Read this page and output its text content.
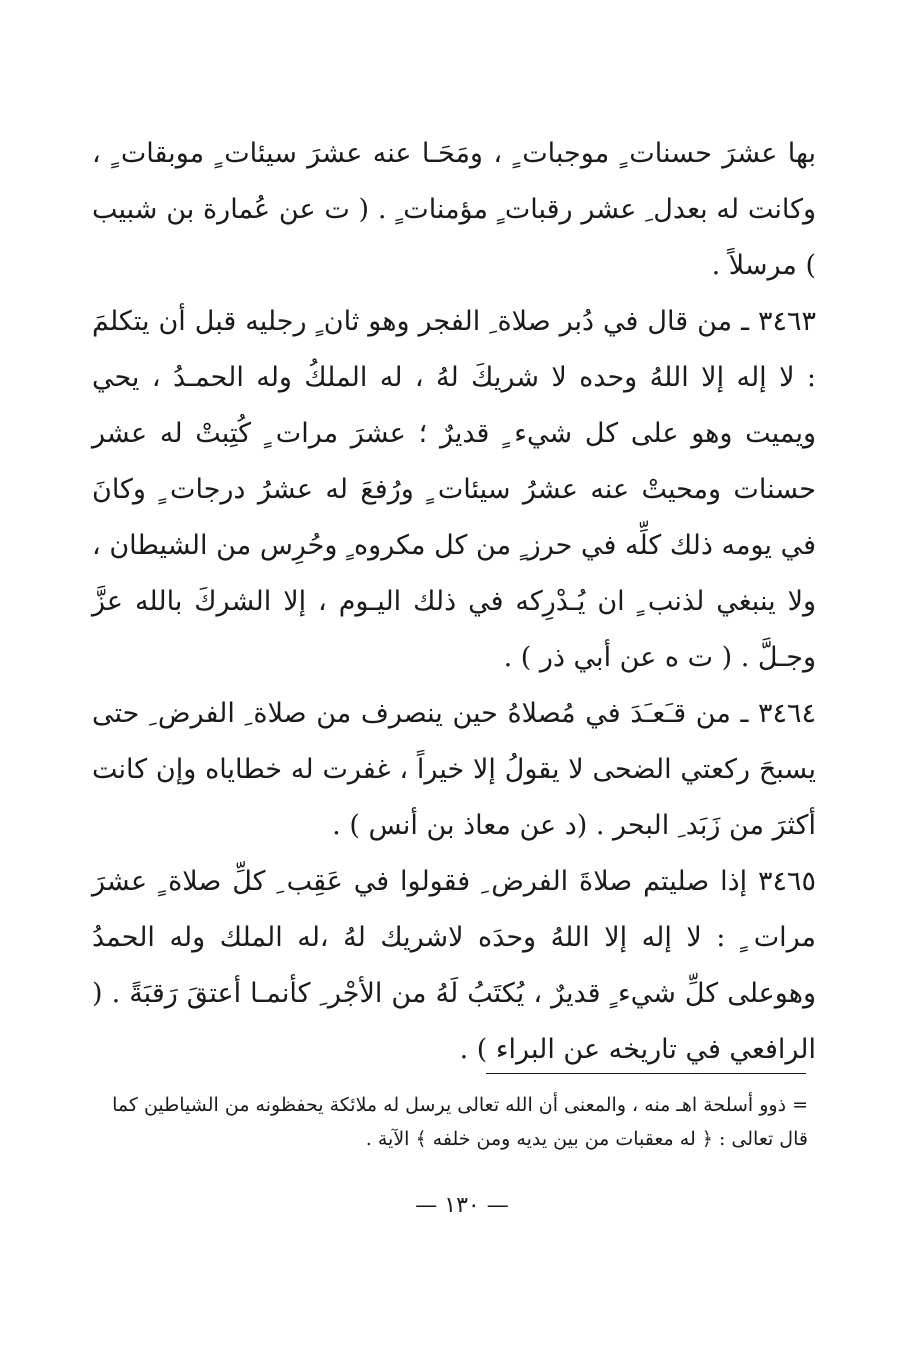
بها عشرَ حسنات ٍ موجبات ٍ ، ومَحَـا عنه عشرَ سيئات ٍ موبقات ٍ ، وكانت له بعدل ِ عشر رقبات ٍ مؤمنات ٍ . ( ت عن عُمارة بن شبيب ) مرسلاً .

٣٤٦٣ ـ من قال في دُبر صلاة ِ الفجر وهو ثان ٍ رجليه قبل أن يتكلمَ : لا إله إلا اللهُ وحده لا شريكَ لهُ ، له الملكُ وله الحمـدُ ، يحي ويميت وهو على كل شيء ٍ قديرٌ ؛ عشرَ مرات ٍ كُتِبتْ له عشر حسنات ومحيتْ عنه عشرُ سيئات ٍ ورُفعَ له عشرُ درجات ٍ وكانَ في يومه ذلك كلِّه في حرز ٍ من كل مكروه ٍ وحُرِس من الشيطان ، ولا ينبغي لذنب ٍ ان يُـدْرِكه في ذلك اليـوم ، إلا الشركَ بالله عزَّ وجـلَّ . ( ت ه عن أبي ذر ) .

٣٤٦٤ ـ من قـَعـَدَ في مُصلاهُ حين ينصرف من صلاة ِ الفرض ِ حتى يسبحَ ركعتي الضحى لا يقولُ إلا خيراً ، غفرت له خطاياه وإن كانت أكثرَ من زَبَد ِ البحر . (د عن معاذ بن أنس ) .

٣٤٦٥ إذا صليتم صلاةَ الفرض ِ فقولوا في عَقِب ِ كلِّ صلاة ٍ عشرَ مرات ٍ : لا إله إلا اللهُ وحدَه لاشريك لهُ ،له الملك وله الحمدُ وهوعلى كلِّ شيء ٍ قديرٌ ، يُكتَبُ لَهُ من الأجْر ِ كأنمـا أعتقَ رَقبَةً . ( الرافعي في تاريخه عن البراء ) .

= ذوو أسلحة اهـ منه ، والمعنى أن الله تعالى يرسل له ملائكة يحفظونه من الشياطين كما قال تعالى : ﴿ له معقبات من بين يديه ومن خلفه ﴾ الآية .

— ١٣٠ —
